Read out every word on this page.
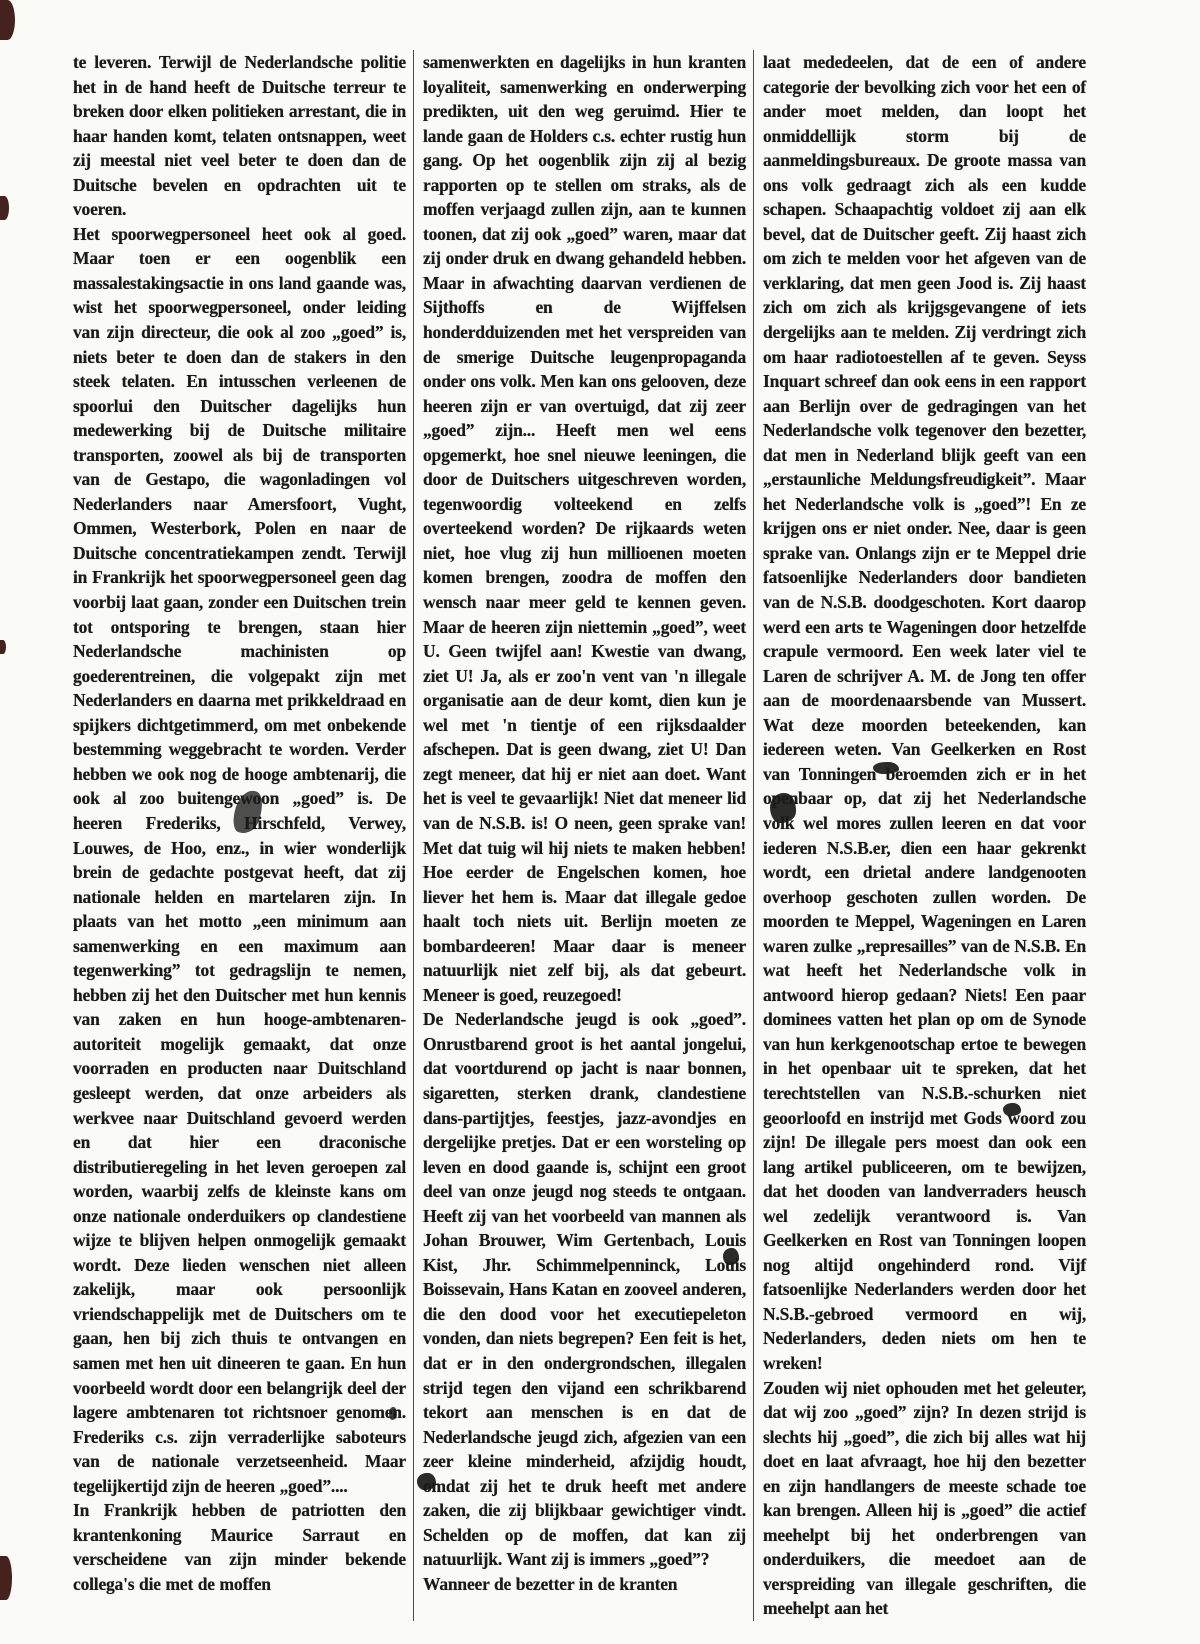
te leveren. Terwijl de Nederlandsche politie het in de hand heeft de Duitsche terreur te breken door elken politieken arrestant, die in haar handen komt, telaten ontsnappen, weet zij meestal niet veel beter te doen dan de Duitsche bevelen en opdrachten uit te voeren.

Het spoorwegpersoneel heet ook al goed. Maar toen er een oogenblik een massalestakingsactie in ons land gaande was, wist het spoorwegpersoneel, onder leiding van zijn directeur, die ook al zoo „goed” is, niets beter te doen dan de stakers in den steek telaten. En intusschen verleenen de spoorlui den Duitscher dagelijks hun medewerking bij de Duitsche militaire transporten, zoowel als bij de transporten van de Gestapo, die wagonladingen vol Nederlanders naar Amersfoort, Vught, Ommen, Westerbork, Polen en naar de Duitsche concentratiekampen zendt. Terwijl in Frankrijk het spoorwegpersoneel geen dag voorbij laat gaan, zonder een Duitschen trein tot ontsporing te brengen, staan hier Nederlandsche machinisten op goederentreinen, die volgepakt zijn met Nederlanders en daarna met prikkeldraad en spijkers dichtgetimmerd, om met onbekende bestemming weggebracht te worden. Verder hebben we ook nog de hooge ambtenarij, die ook al zoo buitengewoon „goed” is. De heeren Frederiks, Hirschfeld, Verwey, Louwes, de Hoo, enz., in wier wonderlijk brein de gedachte postgevat heeft, dat zij nationale helden en martelaren zijn. In plaats van het motto „een minimum aan samenwerking en een maximum aan tegenwerking” tot gedragslijn te nemen, hebben zij het den Duitscher met hun kennis van zaken en hun hooge-ambtenaren-autoriteit mogelijk gemaakt, dat onze voorraden en producten naar Duitschland gesleept werden, dat onze arbeiders als werkvee naar Duitschland gevoerd werden en dat hier een draconische distributieregeling in het leven geroepen zal worden, waarbij zelfs de kleinste kans om onze nationale onderduikers op clandestiene wijze te blijven helpen onmogelijk gemaakt wordt. Deze lieden wenschen niet alleen zakelijk, maar ook persoonlijk vriendschappelijk met de Duitschers om te gaan, hen bij zich thuis te ontvangen en samen met hen uit dineeren te gaan. En hun voorbeeld wordt door een belangrijk deel der lagere ambtenaren tot richtsnoer genomen. Frederiks c.s. zijn verraderlijke saboteurs van de nationale verzetseenheid. Maar tegelijkertijd zijn de heeren „goed”....

In Frankrijk hebben de patriotten den krantenkoning Maurice Sarraut en verscheidene van zijn minder bekende collega's die met de moffen

samenwerkten en dagelijks in hun kranten loyaliteit, samenwerking en onderwerping predikten, uit den weg geruimd. Hier te lande gaan de Holders c.s. echter rustig hun gang. Op het oogenblik zijn zij al bezig rapporten op te stellen om straks, als de moffen verjaagd zullen zijn, aan te kunnen toonen, dat zij ook „goed” waren, maar dat zij onder druk en dwang gehandeld hebben. Maar in afwachting daarvan verdienen de Sijthoffs en de Wijffelsen honderdduizenden met het verspreiden van de smerige Duitsche leugenpropaganda onder ons volk. Men kan ons gelooven, deze heeren zijn er van overtuigd, dat zij zeer „goed” zijn... Heeft men wel eens opgemerkt, hoe snel nieuwe leeningen, die door de Duitschers uitgeschreven worden, tegenwoordig volteekend en zelfs overteekend worden? De rijkaards weten niet, hoe vlug zij hun millioenen moeten komen brengen, zoodra de moffen den wensch naar meer geld te kennen geven. Maar de heeren zijn niettemin „goed”, weet U. Geen twijfel aan! Kwestie van dwang, ziet U! Ja, als er zoo'n vent van 'n illegale organisatie aan de deur komt, dien kun je wel met 'n tientje of een rijksdaalder afschepen. Dat is geen dwang, ziet U! Dan zegt meneer, dat hij er niet aan doet. Want het is veel te gevaarlijk! Niet dat meneer lid van de N.S.B. is! O neen, geen sprake van! Met dat tuig wil hij niets te maken hebben! Hoe eerder de Engelschen komen, hoe liever het hem is. Maar dat illegale gedoe haalt toch niets uit. Berlijn moeten ze bombardeeren! Maar daar is meneer natuurlijk niet zelf bij, als dat gebeurt. Meneer is goed, reuzegoed!

De Nederlandsche jeugd is ook „goed”. Onrustbarend groot is het aantal jongelui, dat voortdurend op jacht is naar bonnen, sigaretten, sterken drank, clandestiene dans-partijtjes, feestjes, jazz-avondjes en dergelijke pretjes. Dat er een worsteling op leven en dood gaande is, schijnt een groot deel van onze jeugd nog steeds te ontgaan. Heeft zij van het voorbeeld van mannen als Johan Brouwer, Wim Gertenbach, Louis Kist, Jhr. Schimmelpenninck, Louis Boissevain, Hans Katan en zooveel anderen, die den dood voor het executiepeleton vonden, dan niets begrepen? Een feit is het, dat er in den ondergrondschen, illegalen strijd tegen den vijand een schrikbarend tekort aan menschen is en dat de Nederlandsche jeugd zich, afgezien van een zeer kleine minderheid, afzijdig houdt, omdat zij het te druk heeft met andere zaken, die zij blijkbaar gewichtiger vindt. Schelden op de moffen, dat kan zij natuurlijk. Want zij is immers „goed”?

Wanneer de bezetter in de kranten

laat mededeelen, dat de een of andere categorie der bevolking zich voor het een of ander moet melden, dan loopt het onmiddellijk storm bij de aanmeldingsbureaux. De groote massa van ons volk gedraagt zich als een kudde schapen. Schaapachtig voldoet zij aan elk bevel, dat de Duitscher geeft. Zij haast zich om zich te melden voor het afgeven van de verklaring, dat men geen Jood is. Zij haast zich om zich als krijgsgevangene of iets dergelijks aan te melden. Zij verdringt zich om haar radiotoestellen af te geven. Seyss Inquart schreef dan ook eens in een rapport aan Berlijn over de gedragingen van het Nederlandsche volk tegenover den bezetter, dat men in Nederland blijk geeft van een „erstaunliche Meldungsfreudigkeit”. Maar het Nederlandsche volk is „goed”! En ze krijgen ons er niet onder. Nee, daar is geen sprake van. Onlangs zijn er te Meppel drie fatsoenlijke Nederlanders door bandieten van de N.S.B. doodgeschoten. Kort daarop werd een arts te Wageningen door hetzelfde crapule vermoord. Een week later viel te Laren de schrijver A. M. de Jong ten offer aan de moordenaarsbende van Mussert. Wat deze moorden beteekenden, kan iedereen weten. Van Geelkerken en Rost van Tonningen beroemden zich er in het openbaar op, dat zij het Nederlandsche volk wel mores zullen leeren en dat voor iederen N.S.B.er, dien een haar gekrenkt wordt, een drietal andere landgenooten overhoop geschoten zullen worden. De moorden te Meppel, Wageningen en Laren waren zulke „represailles” van de N.S.B. En wat heeft het Nederlandsche volk in antwoord hierop gedaan? Niets! Een paar dominees vatten het plan op om de Synode van hun kerkgenootschap ertoe te bewegen in het openbaar uit te spreken, dat het terechtstellen van N.S.B.-schurken niet geoorloofd en instrijd met Gods woord zou zijn! De illegale pers moest dan ook een lang artikel publiceeren, om te bewijzen, dat het dooden van landverraders heusch wel zedelijk verantwoord is. Van Geelkerken en Rost van Tonningen loopen nog altijd ongehinderd rond. Vijf fatsoenlijke Nederlanders werden door het N.S.B.-gebroed vermoord en wij, Nederlanders, deden niets om hen te wreken!

Zouden wij niet ophouden met het geleuter, dat wij zoo „goed” zijn? In dezen strijd is slechts hij „goed”, die zich bij alles wat hij doet en laat afvraagt, hoe hij den bezetter en zijn handlangers de meeste schade toe kan brengen. Alleen hij is „goed” die actief meehelpt bij het onderbrengen van onderduikers, die meedoet aan de verspreiding van illegale geschriften, die meehelpt aan het
